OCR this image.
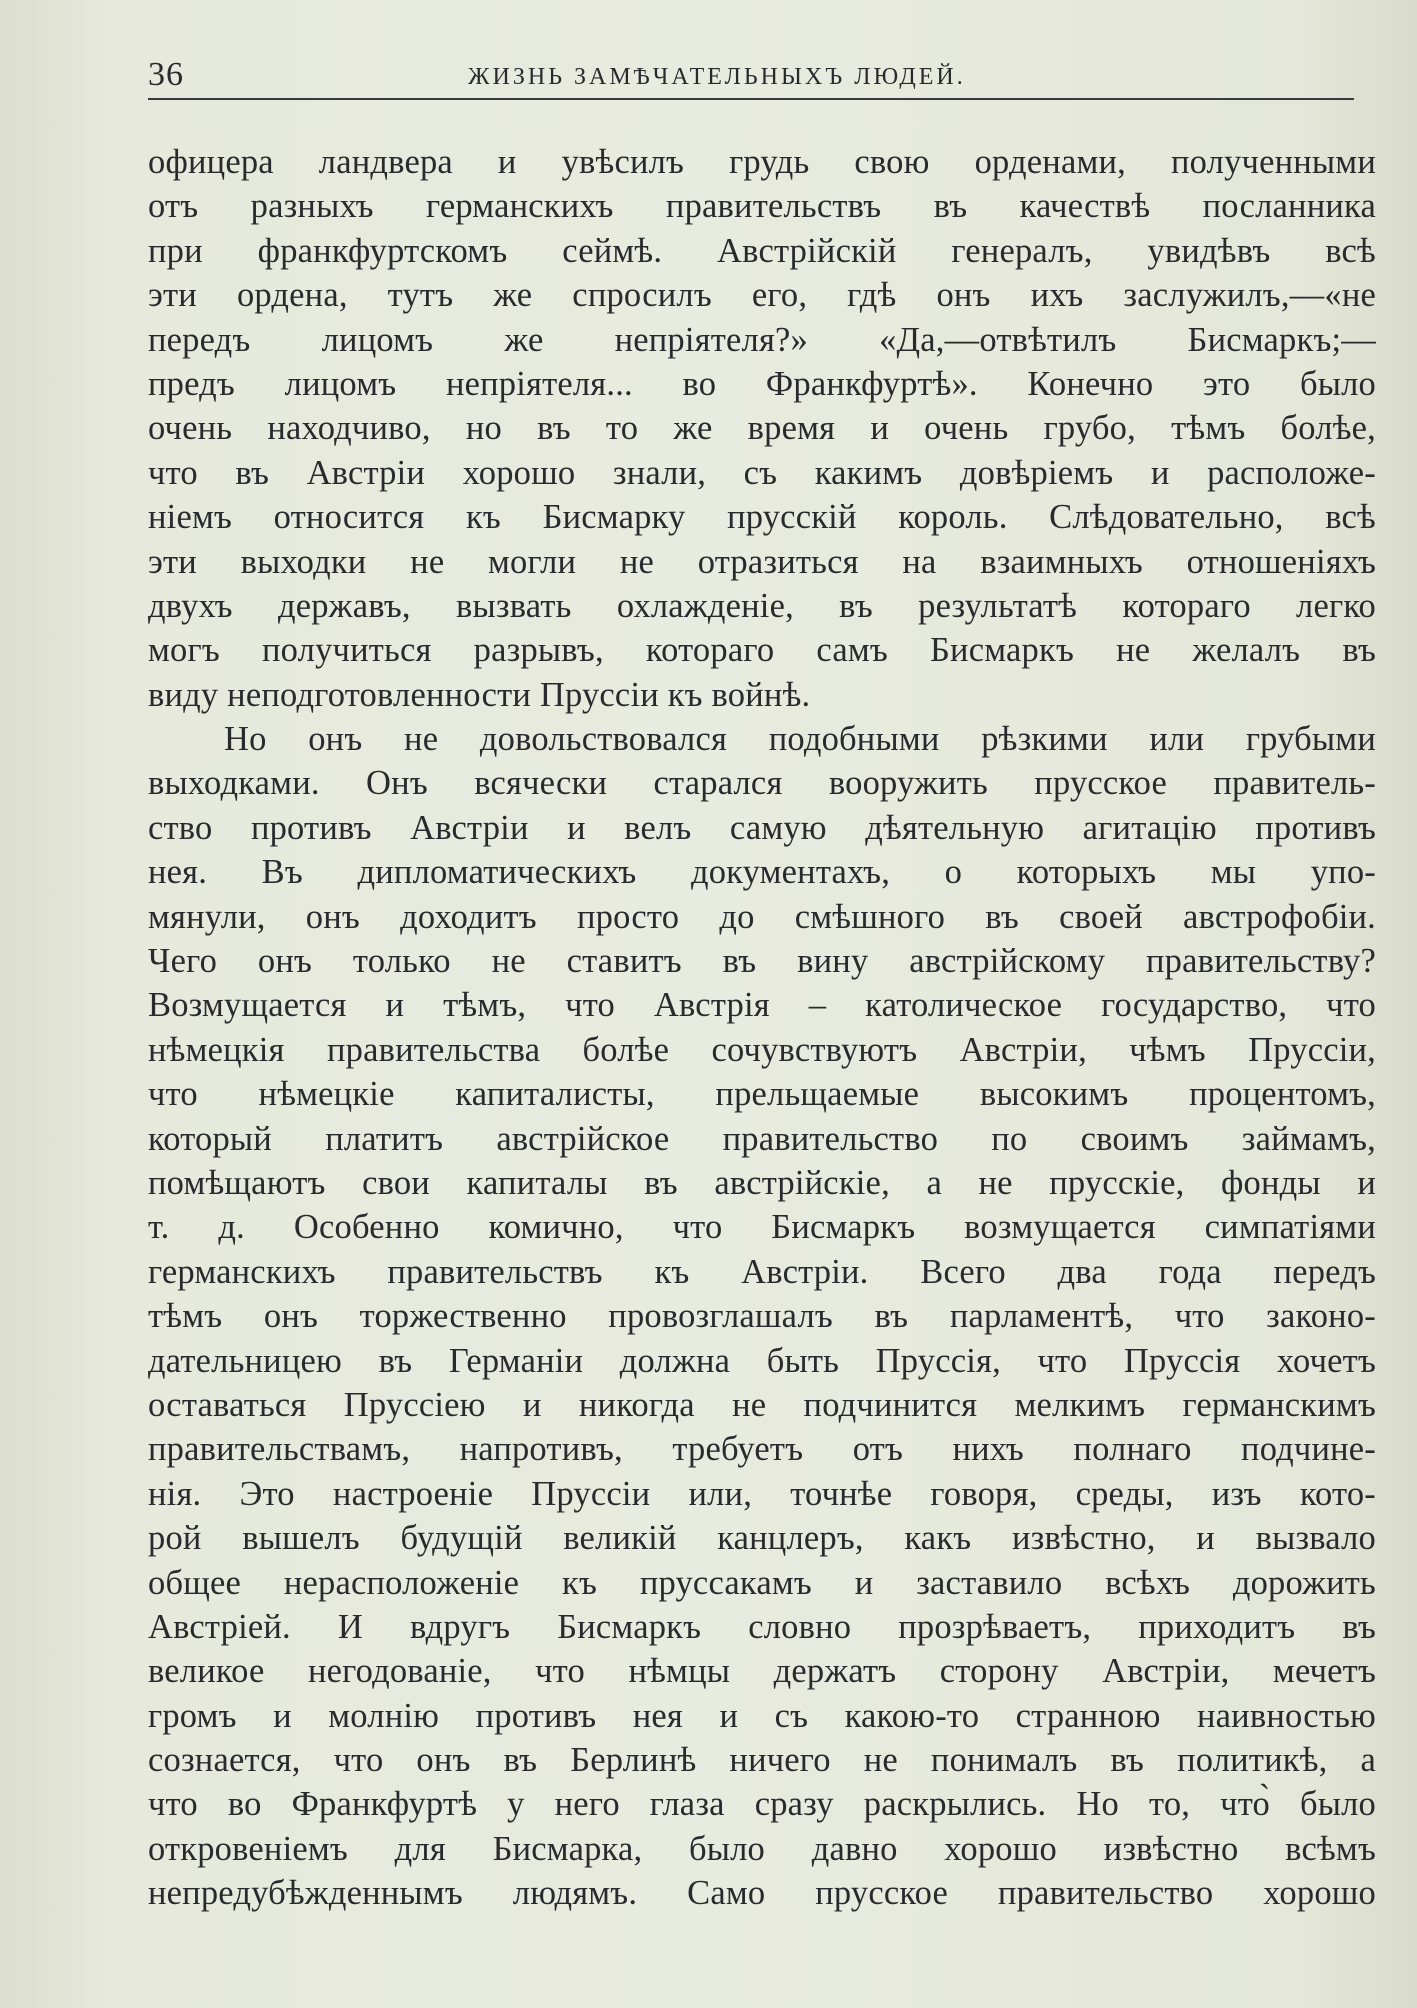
36	ЖИЗНЬ ЗАМѢЧАТЕЛЬНЫХЪ ЛЮДЕЙ.
офицера ландвера и увѣсилъ грудь свою орденами, полученными
отъ разныхъ германскихъ правительствъ въ качествѣ посланника
при франкфуртскомъ сеймѣ. Австрійскій генералъ, увидѣвъ всѣ
эти ордена, тутъ же спросилъ его, гдѣ онъ ихъ заслужилъ,—«не
передъ лицомъ же непріятеля?» «Да,—отвѣтилъ Бисмаркъ;—
предъ лицомъ непріятеля... во Франкфуртѣ». Конечно это было
очень находчиво, но въ то же время и очень грубо, тѣмъ болѣе,
что въ Австріи хорошо знали, съ какимъ довѣріемъ и расположе-
ніемъ относится къ Бисмарку прусскій король. Слѣдовательно, всѣ
эти выходки не могли не отразиться на взаимныхъ отношеніяхъ
двухъ державъ, вызвать охлажденіе, въ результатѣ котораго легко
могъ получиться разрывъ, котораго самъ Бисмаркъ не желалъ въ
виду неподготовленности Пруссіи къ войнѣ.
Но онъ не довольствовался подобными рѣзкими или грубыми
выходками. Онъ всячески старался вооружить прусское правитель-
ство противъ Австріи и велъ самую дѣятельную агитацію противъ
нея. Въ дипломатическихъ документахъ, о которыхъ мы упо-
мянули, онъ доходитъ просто до смѣшного въ своей австрофобіи.
Чего онъ только не ставитъ въ вину австрійскому правительству?
Возмущается и тѣмъ, что Австрія – католическое государство, что
нѣмецкія правительства болѣе сочувствуютъ Австріи, чѣмъ Пруссіи,
что нѣмецкіе капиталисты, прельщаемые высокимъ процентомъ,
который платитъ австрійское правительство по своимъ займамъ,
помѣщаютъ свои капиталы въ австрійскіе, а не прусскіе, фонды и
т. д. Особенно комично, что Бисмаркъ возмущается симпатіями
германскихъ правительствъ къ Австріи. Всего два года передъ
тѣмъ онъ торжественно провозглашалъ въ парламентѣ, что законо-
дательницею въ Германіи должна быть Пруссія, что Пруссія хочетъ
оставаться Пруссіею и никогда не подчинится мелкимъ германскимъ
правительствамъ, напротивъ, требуетъ отъ нихъ полнаго подчине-
нія. Это настроеніе Пруссіи или, точнѣе говоря, среды, изъ кото-
рой вышелъ будущій великій канцлеръ, какъ извѣстно, и вызвало
общее нерасположеніе къ пруссакамъ и заставило всѣхъ дорожить
Австріей. И вдругъ Бисмаркъ словно прозрѣваетъ, приходитъ въ
великое негодованіе, что нѣмцы держатъ сторону Австріи, мечетъ
громъ и молнію противъ нея и съ какою-то странною наивностью
сознается, что онъ въ Берлинѣ ничего не понималъ въ политикѣ, а
что во Франкфуртѣ у него глаза сразу раскрылись. Но то, что̀ было
откровеніемъ для Бисмарка, было давно хорошо извѣстно всѣмъ
непредубѣжденнымъ людямъ. Само прусское правительство хорошо
